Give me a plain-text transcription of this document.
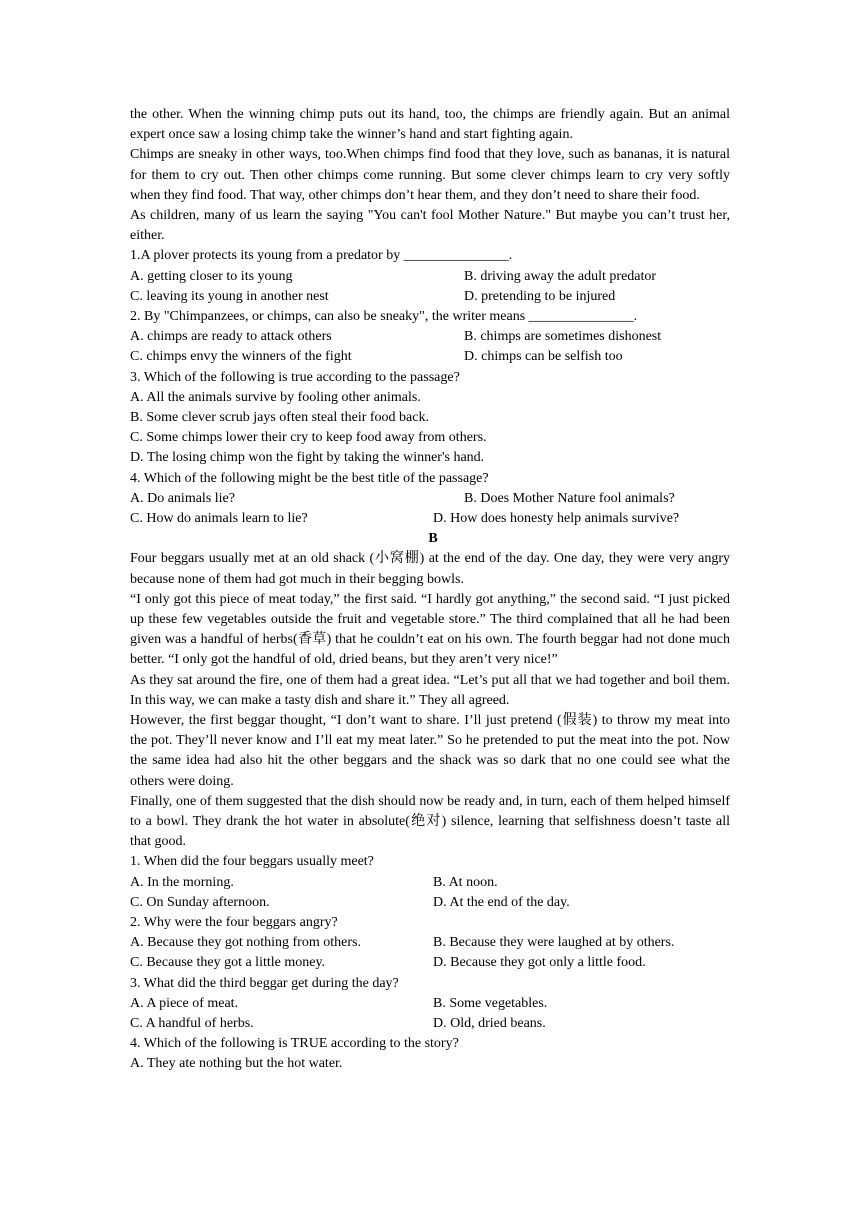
the other. When the winning chimp puts out its hand, too, the chimps are friendly again. But an animal expert once saw a losing chimp take the winner’s hand and start fighting again.

Chimps are sneaky in other ways, too.When chimps find food that they love, such as bananas, it is natural for them to cry out. Then other chimps come running. But some clever chimps learn to cry very softly when they find food. That way, other chimps don’t hear them, and they don’t need to share their food.

As children, many of us learn the saying "You can't fool Mother Nature." But maybe you can’t trust her, either.

1.A plover protects its young from a predator by _______________.

A. getting closer to its young	B. driving away the adult predator
C. leaving its young in another nest	D. pretending to be injured

2. By "Chimpanzees, or chimps, can also be sneaky", the writer means _______________.

A. chimps are ready to attack others	B. chimps are sometimes dishonest
C. chimps envy the winners of the fight	D. chimps can be selfish too

3. Which of the following is true according to the passage?

A. All the animals survive by fooling other animals.

B. Some clever scrub jays often steal their food back.

C. Some chimps lower their cry to keep food away from others.

D. The losing chimp won the fight by taking the winner's hand.

4. Which of the following might be the best title of the passage?

A. Do animals lie?	B. Does Mother Nature fool animals?
C. How do animals learn to lie?	D. How does honesty help animals survive?

B

Four beggars usually met at an old shack (小窝棚) at the end of the day. One day, they were very angry because none of them had got much in their begging bowls.

“I only got this piece of meat today,” the first said. “I hardly got anything,” the second said. “I just picked up these few vegetables outside the fruit and vegetable store.” The third complained that all he had been given was a handful of herbs(香草) that he couldn’t eat on his own. The fourth beggar had not done much better. “I only got the handful of old, dried beans, but they aren’t very nice!”

As they sat around the fire, one of them had a great idea. “Let’s put all that we had together and boil them. In this way, we can make a tasty dish and share it.” They all agreed.

However, the first beggar thought, “I don’t want to share. I’ll just pretend (假装) to throw my meat into the pot. They’ll never know and I’ll eat my meat later.” So he pretended to put the meat into the pot. Now the same idea had also hit the other beggars and the shack was so dark that no one could see what the others were doing.

Finally, one of them suggested that the dish should now be ready and, in turn, each of them helped himself to a bowl. They drank the hot water in absolute(绝对) silence, learning that selfishness doesn’t taste all that good.

1. When did the four beggars usually meet?

A. In the morning.	B. At noon.
C. On Sunday afternoon.	D. At the end of the day.

2. Why were the four beggars angry?

A. Because they got nothing from others.	B. Because they were laughed at by others.
C. Because they got a little money.	D. Because they got only a little food.

3. What did the third beggar get during the day?

A. A piece of meat.	B. Some vegetables.
C. A handful of herbs.	D. Old, dried beans.

4. Which of the following is TRUE according to the story?

A. They ate nothing but the hot water.
